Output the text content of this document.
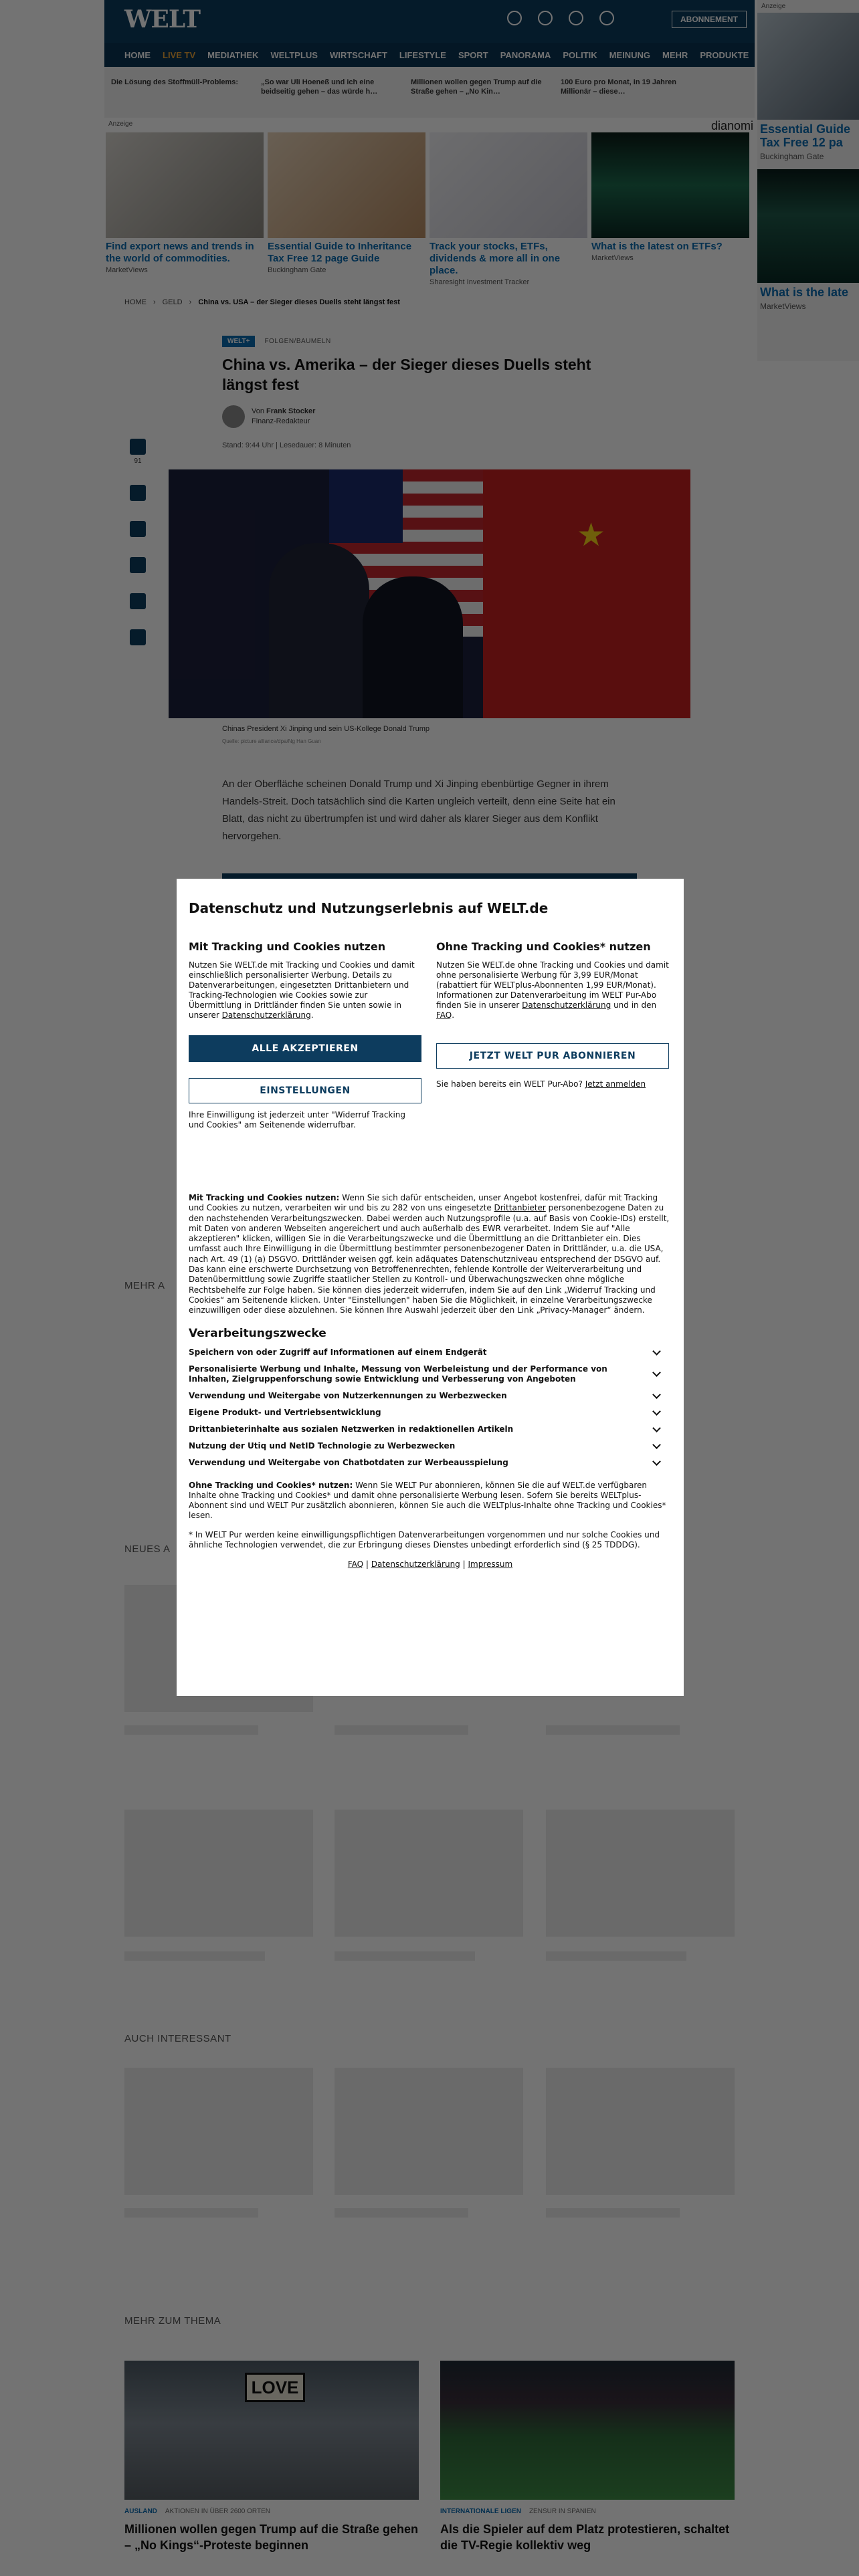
★

Datenschutz und Nutzungserlebnis auf WELT.de
Mit Tracking und Cookies nutzen

Nutzen Sie WELT.de mit Tracking und Cookies und damit einschließlich personalisierter Werbung. Details zu Datenverarbeitungen, eingesetzten Drittanbietern und Tracking-Technologien wie Cookies sowie zur Übermittlung in Drittländer finden Sie unten sowie in unserer Datenschutzerklärung.

ALLE AKZEPTIEREN
EINSTELLUNGEN

Ihre Einwilligung ist jederzeit unter "Widerruf Tracking und Cookies" am Seitenende widerrufbar.

Ohne Tracking und Cookies* nutzen

Nutzen Sie WELT.de ohne Tracking und Cookies und damit ohne personalisierte Werbung für 3,99 EUR/Monat (rabattiert für WELTplus-Abonnenten 1,99 EUR/Monat). Informationen zur Datenverarbeitung im WELT Pur-Abo finden Sie in unserer Datenschutzerklärung und in den FAQ.

JETZT WELT PUR ABONNIEREN

Sie haben bereits ein WELT Pur-Abo? Jetzt anmelden

Mit Tracking und Cookies nutzen: Wenn Sie sich dafür entscheiden, unser Angebot kostenfrei, dafür mit Tracking und Cookies zu nutzen, verarbeiten wir und bis zu 282 von uns eingesetzte Drittanbieter personenbezogene Daten zu den nachstehenden Verarbeitungszwecken. Dabei werden auch Nutzungsprofile (u.a. auf Basis von Cookie-IDs) erstellt, mit Daten von anderen Webseiten angereichert und auch außerhalb des EWR verarbeitet. Indem Sie auf "Alle akzeptieren" klicken, willigen Sie in die Verarbeitungszwecke und die Übermittlung an die Drittanbieter ein. Dies umfasst auch Ihre Einwilligung in die Übermittlung bestimmter personenbezogener Daten in Drittländer, u.a. die USA, nach Art. 49 (1) (a) DSGVO. Drittländer weisen ggf. kein adäquates Datenschutzniveau entsprechend der DSGVO auf. Das kann eine erschwerte Durchsetzung von Betroffenenrechten, fehlende Kontrolle der Weiterverarbeitung und Datenübermittlung sowie Zugriffe staatlicher Stellen zu Kontroll- und Überwachungszwecken ohne mögliche Rechtsbehelfe zur Folge haben. Sie können dies jederzeit widerrufen, indem Sie auf den Link „Widerruf Tracking und Cookies“ am Seitenende klicken. Unter "Einstellungen" haben Sie die Möglichkeit, in einzelne Verarbeitungszwecke einzuwilligen oder diese abzulehnen. Sie können Ihre Auswahl jederzeit über den Link „Privacy-Manager“ ändern.

Verarbeitungszwecke
Speichern von oder Zugriff auf Informationen auf einem Endgerät
Personalisierte Werbung und Inhalte, Messung von Werbeleistung und der Performance von Inhalten, Zielgruppenforschung sowie Entwicklung und Verbesserung von Angeboten
Verwendung und Weitergabe von Nutzerkennungen zu Werbezwecken
Eigene Produkt- und Vertriebsentwicklung
Drittanbieterinhalte aus sozialen Netzwerken in redaktionellen Artikeln
Nutzung der Utiq und NetID Technologie zu Werbezwecken
Verwendung und Weitergabe von Chatbotdaten zur Werbeausspielung

Ohne Tracking und Cookies* nutzen: Wenn Sie WELT Pur abonnieren, können Sie die auf WELT.de verfügbaren Inhalte ohne Tracking und Cookies* und damit ohne personalisierte Werbung lesen. Sofern Sie bereits WELTplus-Abonnent sind und WELT Pur zusätzlich abonnieren, können Sie auch die WELTplus-Inhalte ohne Tracking und Cookies* lesen.

* In WELT Pur werden keine einwilligungspflichtigen Datenverarbeitungen vorgenommen und nur solche Cookies und ähnliche Technologien verwendet, die zur Erbringung dieses Dienstes unbedingt erforderlich sind (§ 25 TDDDG).

FAQ | Datenschutzerklärung | Impressum
